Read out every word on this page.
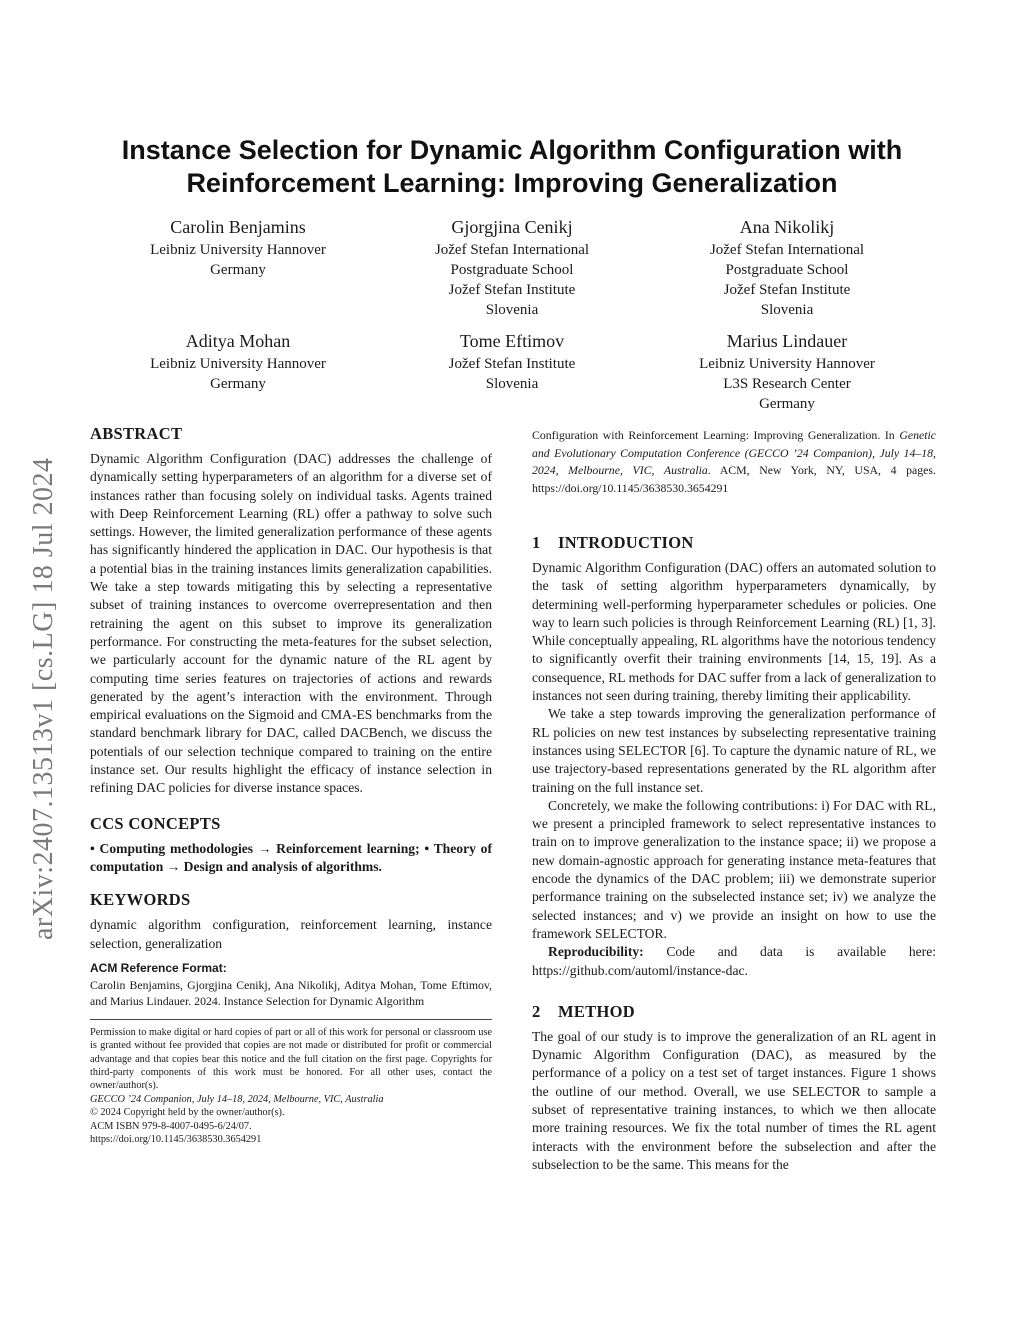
arXiv:2407.13513v1 [cs.LG] 18 Jul 2024
Instance Selection for Dynamic Algorithm Configuration with
Reinforcement Learning: Improving Generalization
Carolin Benjamins
Leibniz University Hannover
Germany
Gjorgjina Cenikj
Jožef Stefan International
Postgraduate School
Jožef Stefan Institute
Slovenia
Ana Nikolikj
Jožef Stefan International
Postgraduate School
Jožef Stefan Institute
Slovenia
Aditya Mohan
Leibniz University Hannover
Germany
Tome Eftimov
Jožef Stefan Institute
Slovenia
Marius Lindauer
Leibniz University Hannover
L3S Research Center
Germany
ABSTRACT

Dynamic Algorithm Configuration (DAC) addresses the challenge of dynamically setting hyperparameters of an algorithm for a diverse set of instances rather than focusing solely on individual tasks. Agents trained with Deep Reinforcement Learning (RL) offer a pathway to solve such settings. However, the limited generalization performance of these agents has significantly hindered the application in DAC. Our hypothesis is that a potential bias in the training instances limits generalization capabilities. We take a step towards mitigating this by selecting a representative subset of training instances to overcome overrepresentation and then retraining the agent on this subset to improve its generalization performance. For constructing the meta-features for the subset selection, we particularly account for the dynamic nature of the RL agent by computing time series features on trajectories of actions and rewards generated by the agent’s interaction with the environment. Through empirical evaluations on the Sigmoid and CMA-ES benchmarks from the standard benchmark library for DAC, called DACBench, we discuss the potentials of our selection technique compared to training on the entire instance set. Our results highlight the efficacy of instance selection in refining DAC policies for diverse instance spaces.

CCS CONCEPTS
• Computing methodologies → Reinforcement learning; • Theory of computation → Design and analysis of algorithms.
KEYWORDS

dynamic algorithm configuration, reinforcement learning, instance selection, generalization

ACM Reference Format:
Carolin Benjamins, Gjorgjina Cenikj, Ana Nikolikj, Aditya Mohan, Tome Eftimov, and Marius Lindauer. 2024. Instance Selection for Dynamic Algorithm

Permission to make digital or hard copies of part or all of this work for personal or classroom use is granted without fee provided that copies are not made or distributed for profit or commercial advantage and that copies bear this notice and the full citation on the first page. Copyrights for third-party components of this work must be honored. For all other uses, contact the owner/author(s).

GECCO ’24 Companion, July 14–18, 2024, Melbourne, VIC, Australia

© 2024 Copyright held by the owner/author(s).

ACM ISBN 979-8-4007-0495-6/24/07.

https://doi.org/10.1145/3638530.3654291

Configuration with Reinforcement Learning: Improving Generalization. In Genetic and Evolutionary Computation Conference (GECCO ’24 Companion), July 14–18, 2024, Melbourne, VIC, Australia. ACM, New York, NY, USA, 4 pages. https://doi.org/10.1145/3638530.3654291

1 INTRODUCTION

Dynamic Algorithm Configuration (DAC) offers an automated solution to the task of setting algorithm hyperparameters dynamically, by determining well-performing hyperparameter schedules or policies. One way to learn such policies is through Reinforcement Learning (RL) [1, 3]. While conceptually appealing, RL algorithms have the notorious tendency to significantly overfit their training environments [14, 15, 19]. As a consequence, RL methods for DAC suffer from a lack of generalization to instances not seen during training, thereby limiting their applicability.

We take a step towards improving the generalization performance of RL policies on new test instances by subselecting representative training instances using SELECTOR [6]. To capture the dynamic nature of RL, we use trajectory-based representations generated by the RL algorithm after training on the full instance set.

Concretely, we make the following contributions: i) For DAC with RL, we present a principled framework to select representative instances to train on to improve generalization to the instance space; ii) we propose a new domain-agnostic approach for generating instance meta-features that encode the dynamics of the DAC problem; iii) we demonstrate superior performance training on the subselected instance set; iv) we analyze the selected instances; and v) we provide an insight on how to use the framework SELECTOR.

Reproducibility: Code and data is available here: https://github.com/automl/instance-dac.

2 METHOD

The goal of our study is to improve the generalization of an RL agent in Dynamic Algorithm Configuration (DAC), as measured by the performance of a policy on a test set of target instances. Figure 1 shows the outline of our method. Overall, we use SELECTOR to sample a subset of representative training instances, to which we then allocate more training resources. We fix the total number of times the RL agent interacts with the environment before the subselection and after the subselection to be the same. This means for the
